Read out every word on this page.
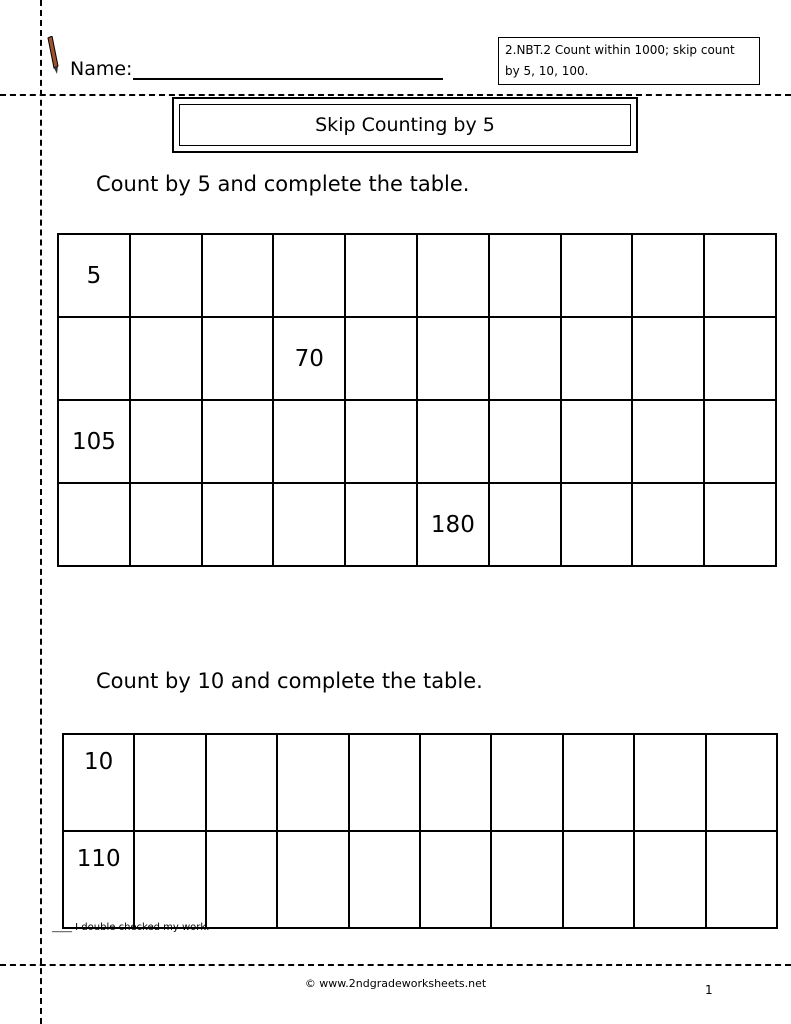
Name:
2.NBT.2 Count within 1000; skip count by 5, 10, 100.
Skip Counting by 5
Count by 5 and complete the table.
5									
			70						
105									
					180				
Count by 10 and complete the table.
10									
110									
____ I double checked my work.
© www.2ndgradeworksheets.net	1
